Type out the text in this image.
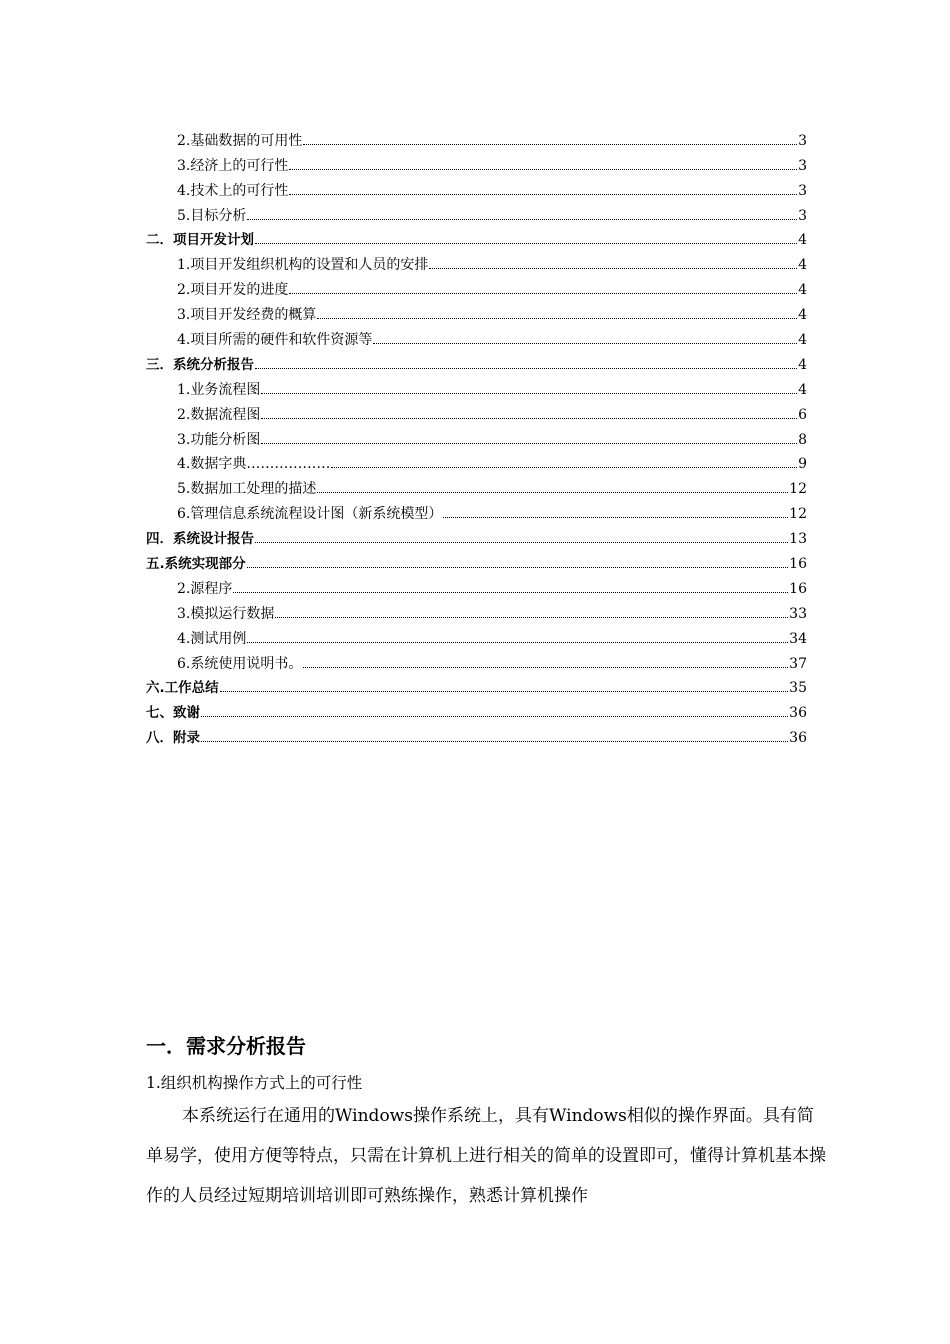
2.基础数据的可用性	3
3.经济上的可行性	3
4.技术上的可行性	3
5.目标分析	3
二．项目开发计划	4
1.项目开发组织机构的设置和人员的安排	4
2.项目开发的进度	4
3.项目开发经费的概算	4
4.项目所需的硬件和软件资源等	4
三．系统分析报告	4
1.业务流程图	4
2.数据流程图	6
3.功能分析图	8
4.数据字典………………	9
5.数据加工处理的描述	12
6.管理信息系统流程设计图（新系统模型）	12
四．系统设计报告	13
五.系统实现部分	16
2.源程序	16
3.模拟运行数据	33
4.测试用例	34
6.系统使用说明书。	37
六.工作总结	35
七、致谢	36
八．附录	36
一．需求分析报告
1.组织机构操作方式上的可行性

本系统运行在通用的Windows操作系统上，具有Windows相似的操作界面。具有简单易学，使用方便等特点，只需在计算机上进行相关的简单的设置即可，懂得计算机基本操作的人员经过短期培训培训即可熟练操作，熟悉计算机操作
